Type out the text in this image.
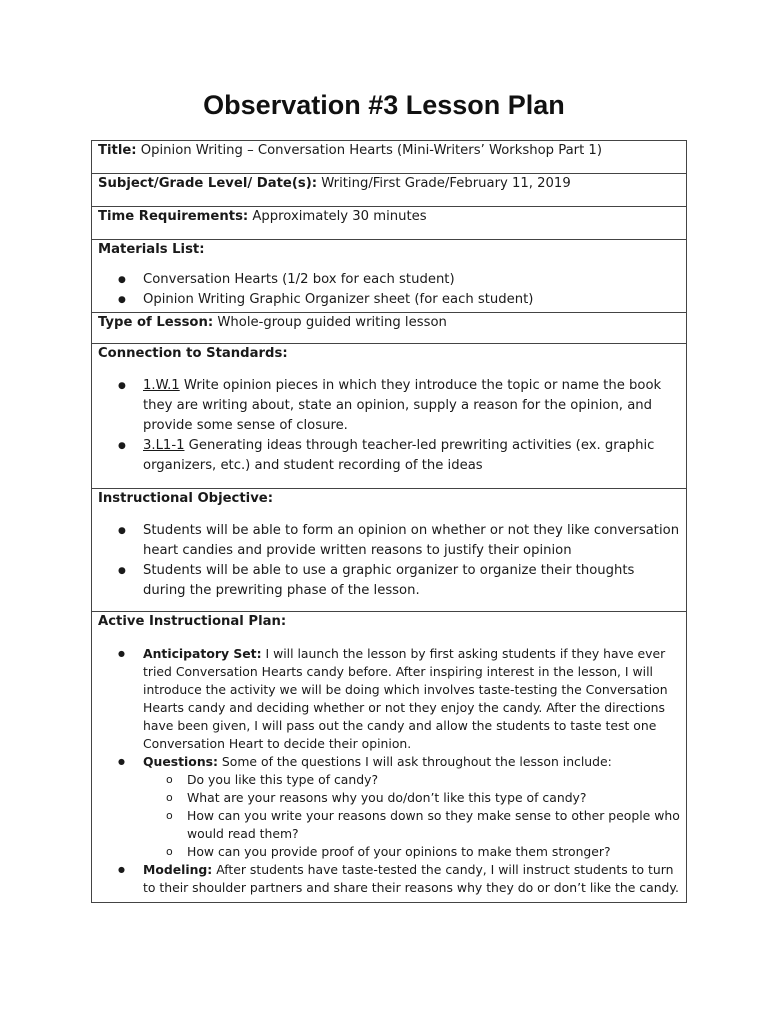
Observation #3 Lesson Plan
Title: Opinion Writing – Conversation Hearts (Mini-Writers’ Workshop Part 1)
Subject/Grade Level/ Date(s): Writing/First Grade/February 11, 2019
Time Requirements: Approximately 30 minutes

Materials List:
● Conversation Hearts (1/2 box for each student)
● Opinion Writing Graphic Organizer sheet (for each student)

Type of Lesson: Whole-group guided writing lesson

Connection to Standards:
● 1.W.1 Write opinion pieces in which they introduce the topic or name the book they are writing about, state an opinion, supply a reason for the opinion, and provide some sense of closure.
● 3.L1-1 Generating ideas through teacher-led prewriting activities (ex. graphic organizers, etc.) and student recording of the ideas

Instructional Objective:
● Students will be able to form an opinion on whether or not they like conversation heart candies and provide written reasons to justify their opinion
● Students will be able to use a graphic organizer to organize their thoughts during the prewriting phase of the lesson.

Active Instructional Plan:
● Anticipatory Set: I will launch the lesson by first asking students if they have ever tried Conversation Hearts candy before. After inspiring interest in the lesson, I will introduce the activity we will be doing which involves taste-testing the Conversation Hearts candy and deciding whether or not they enjoy the candy. After the directions have been given, I will pass out the candy and allow the students to taste test one Conversation Heart to decide their opinion.
● Questions: Some of the questions I will ask throughout the lesson include:
o Do you like this type of candy?
o What are your reasons why you do/don’t like this type of candy?
o How can you write your reasons down so they make sense to other people who would read them?
o How can you provide proof of your opinions to make them stronger?
● Modeling: After students have taste-tested the candy, I will instruct students to turn to their shoulder partners and share their reasons why they do or don’t like the candy.
